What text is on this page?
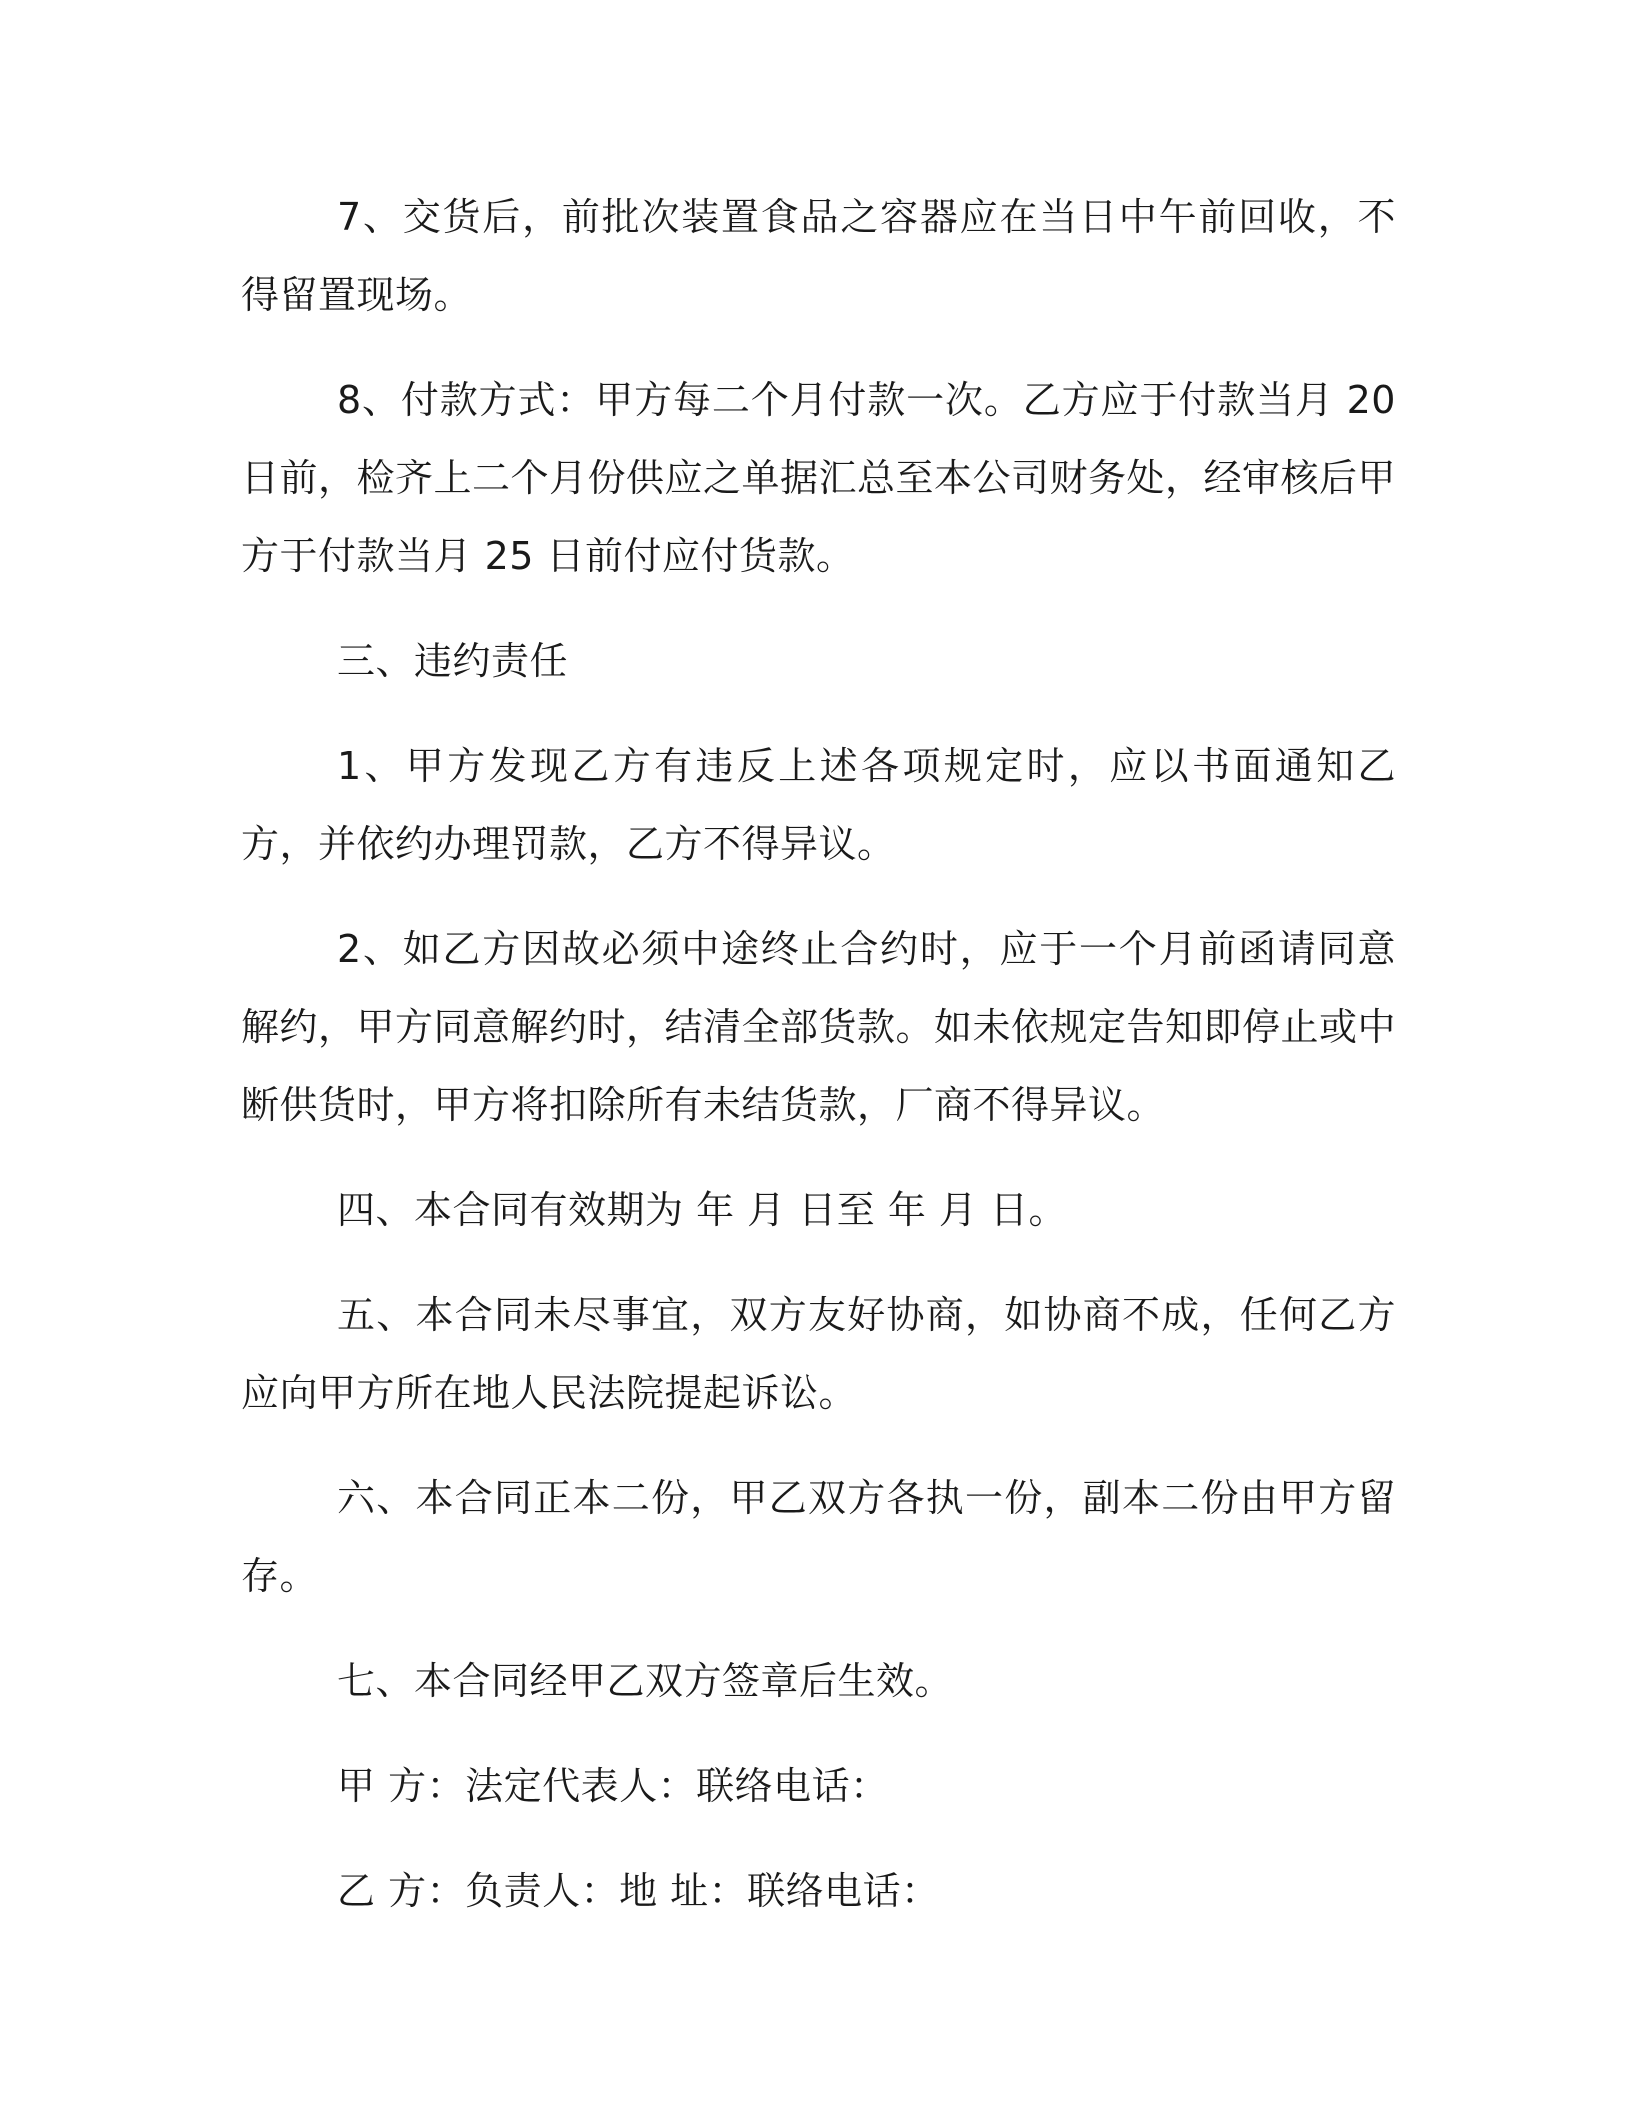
7、交货后，前批次装置食品之容器应在当日中午前回收，不得留置现场。

8、付款方式：甲方每二个月付款一次。乙方应于付款当月 20 日前，检齐上二个月份供应之单据汇总至本公司财务处，经审核后甲方于付款当月 25 日前付应付货款。

三、违约责任

1、甲方发现乙方有违反上述各项规定时，应以书面通知乙方，并依约办理罚款，乙方不得异议。

2、如乙方因故必须中途终止合约时，应于一个月前函请同意解约，甲方同意解约时，结清全部货款。如未依规定告知即停止或中断供货时，甲方将扣除所有未结货款，厂商不得异议。

四、本合同有效期为 年 月 日至 年 月 日。

五、本合同未尽事宜，双方友好协商，如协商不成，任何乙方应向甲方所在地人民法院提起诉讼。

六、本合同正本二份，甲乙双方各执一份，副本二份由甲方留存。

七、本合同经甲乙双方签章后生效。

甲 方：法定代表人：联络电话：

乙 方：负责人：地 址：联络电话：
